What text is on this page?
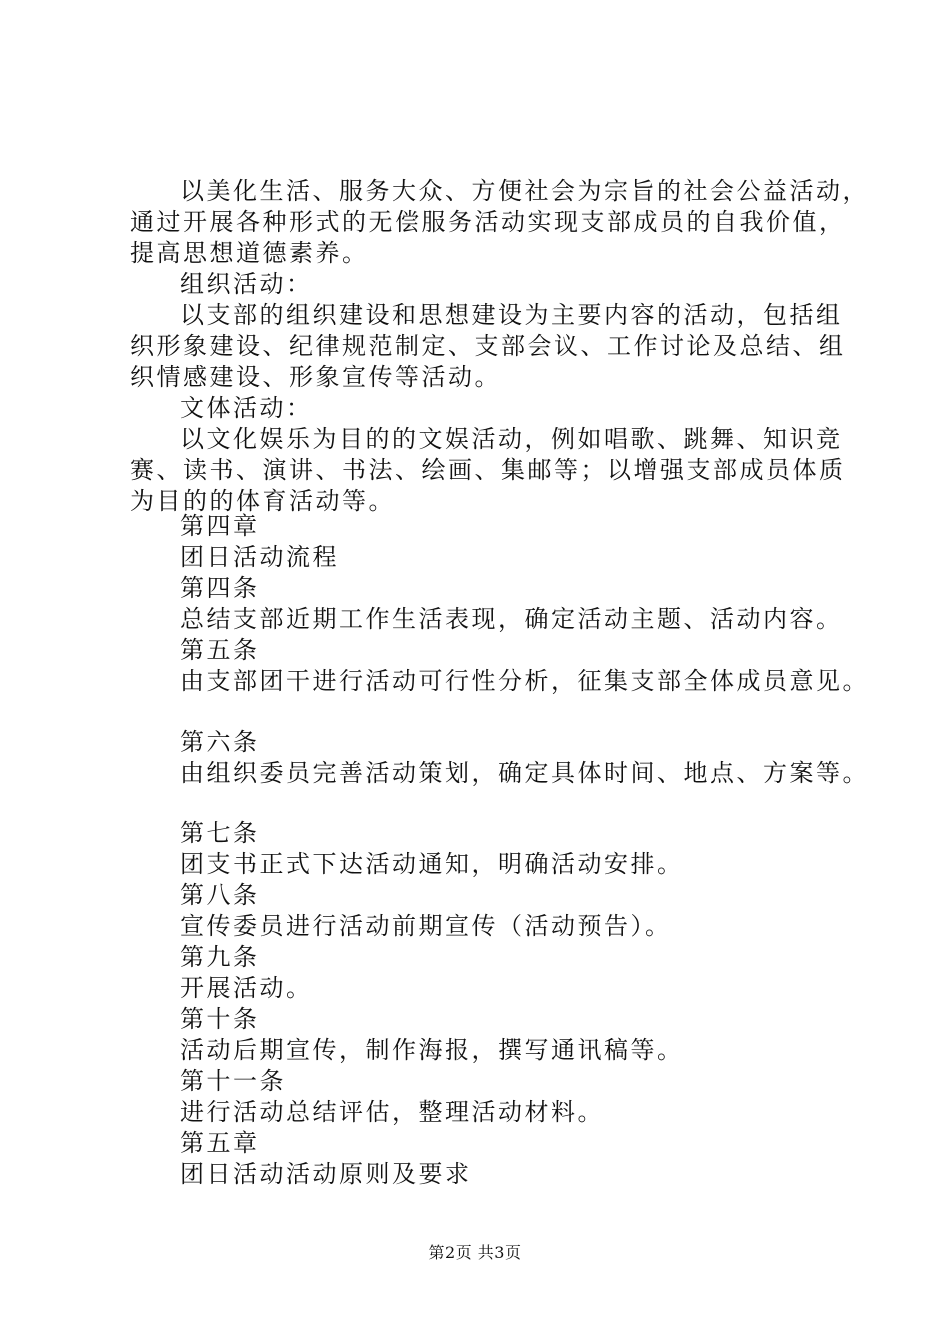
以美化生活、服务大众、方便社会为宗旨的社会公益活动，
通过开展各种形式的无偿服务活动实现支部成员的自我价值，
提高思想道德素养。
组织活动：
以支部的组织建设和思想建设为主要内容的活动，包括组
织形象建设、纪律规范制定、支部会议、工作讨论及总结、组
织情感建设、形象宣传等活动。
文体活动：
以文化娱乐为目的的文娱活动，例如唱歌、跳舞、知识竞
赛、读书、演讲、书法、绘画、集邮等；以增强支部成员体质
为目的的体育活动等。
第四章
团日活动流程
第四条
总结支部近期工作生活表现，确定活动主题、活动内容。
第五条
由支部团干进行活动可行性分析，征集支部全体成员意见。
第六条
由组织委员完善活动策划，确定具体时间、地点、方案等。
第七条
团支书正式下达活动通知，明确活动安排。
第八条
宣传委员进行活动前期宣传（活动预告）。
第九条
开展活动。
第十条
活动后期宣传，制作海报，撰写通讯稿等。
第十一条
进行活动总结评估，整理活动材料。
第五章
团日活动活动原则及要求
第2页 共3页
